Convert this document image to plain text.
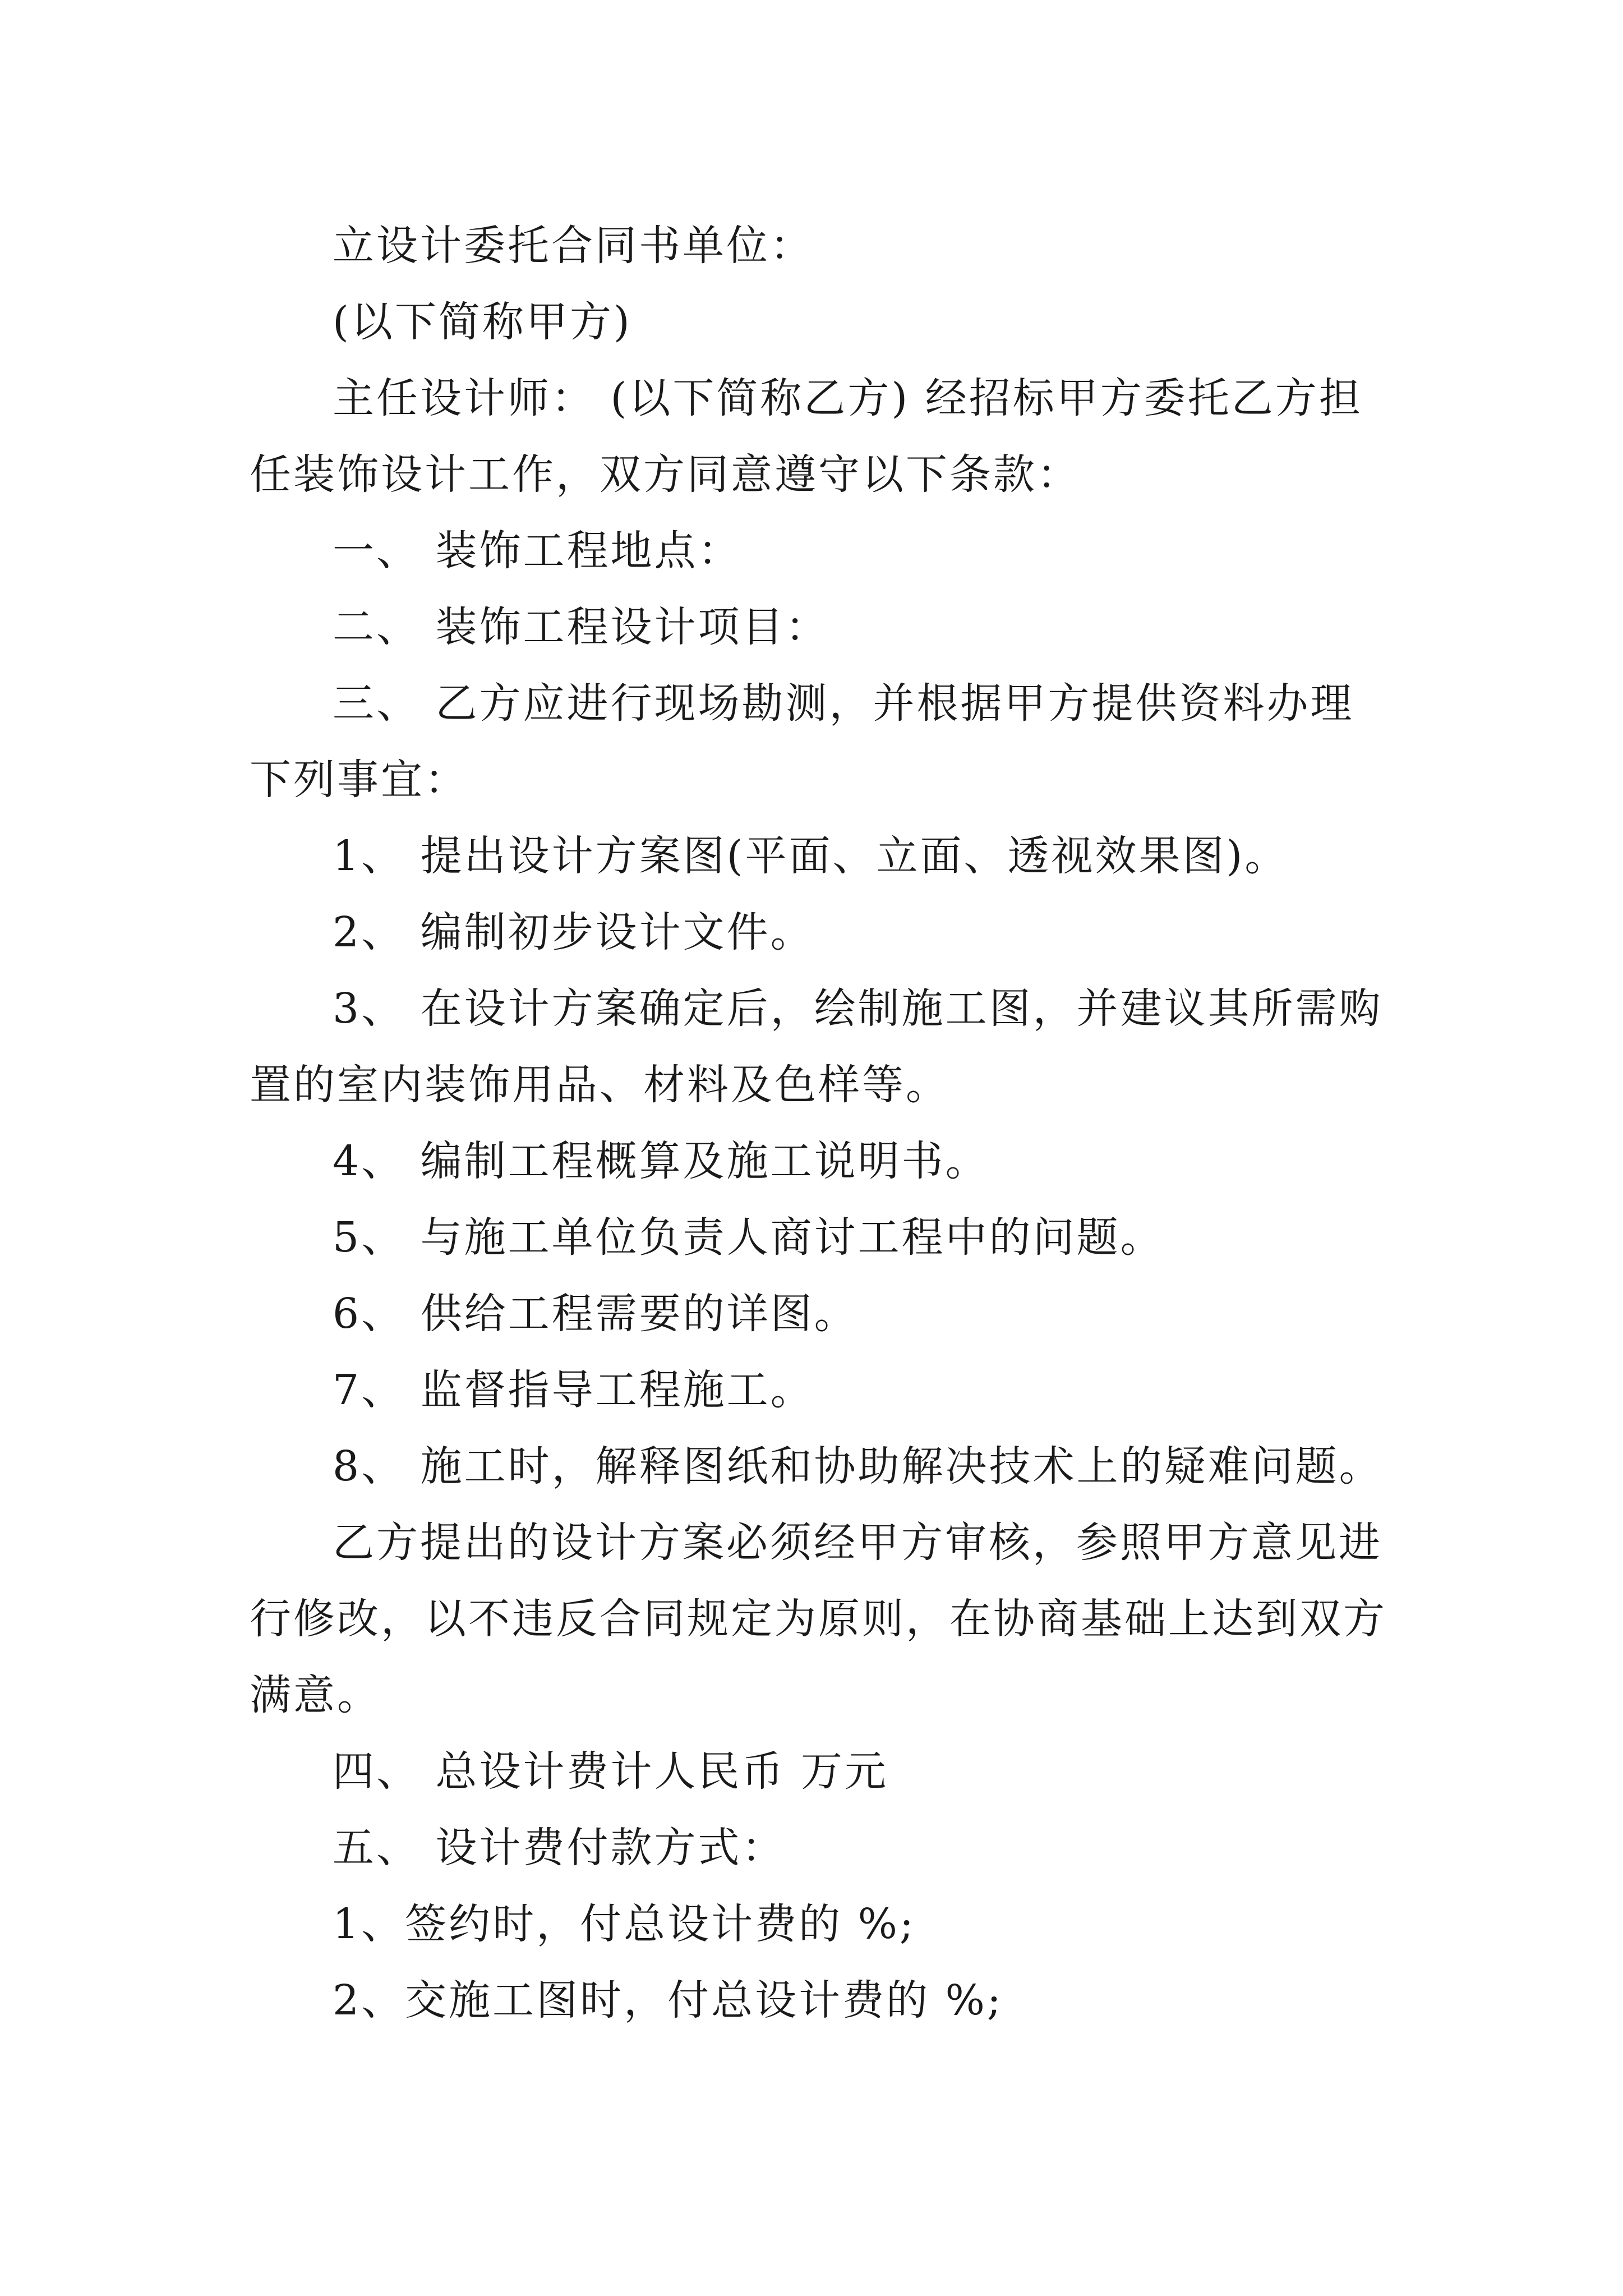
立设计委托合同书单位：

(以下简称甲方)

主任设计师： (以下简称乙方) 经招标甲方委托乙方担任装饰设计工作，双方同意遵守以下条款：

一、 装饰工程地点：

二、 装饰工程设计项目：

三、 乙方应进行现场勘测，并根据甲方提供资料办理下列事宜：

1、 提出设计方案图(平面、立面、透视效果图)。

2、 编制初步设计文件。

3、 在设计方案确定后，绘制施工图，并建议其所需购置的室内装饰用品、材料及色样等。

4、 编制工程概算及施工说明书。

5、 与施工单位负责人商讨工程中的问题。

6、 供给工程需要的详图。

7、 监督指导工程施工。

8、 施工时，解释图纸和协助解决技术上的疑难问题。

乙方提出的设计方案必须经甲方审核，参照甲方意见进行修改，以不违反合同规定为原则，在协商基础上达到双方满意。

四、 总设计费计人民币 万元

五、 设计费付款方式：

1、签约时，付总设计费的 %;

2、交施工图时，付总设计费的 %;
